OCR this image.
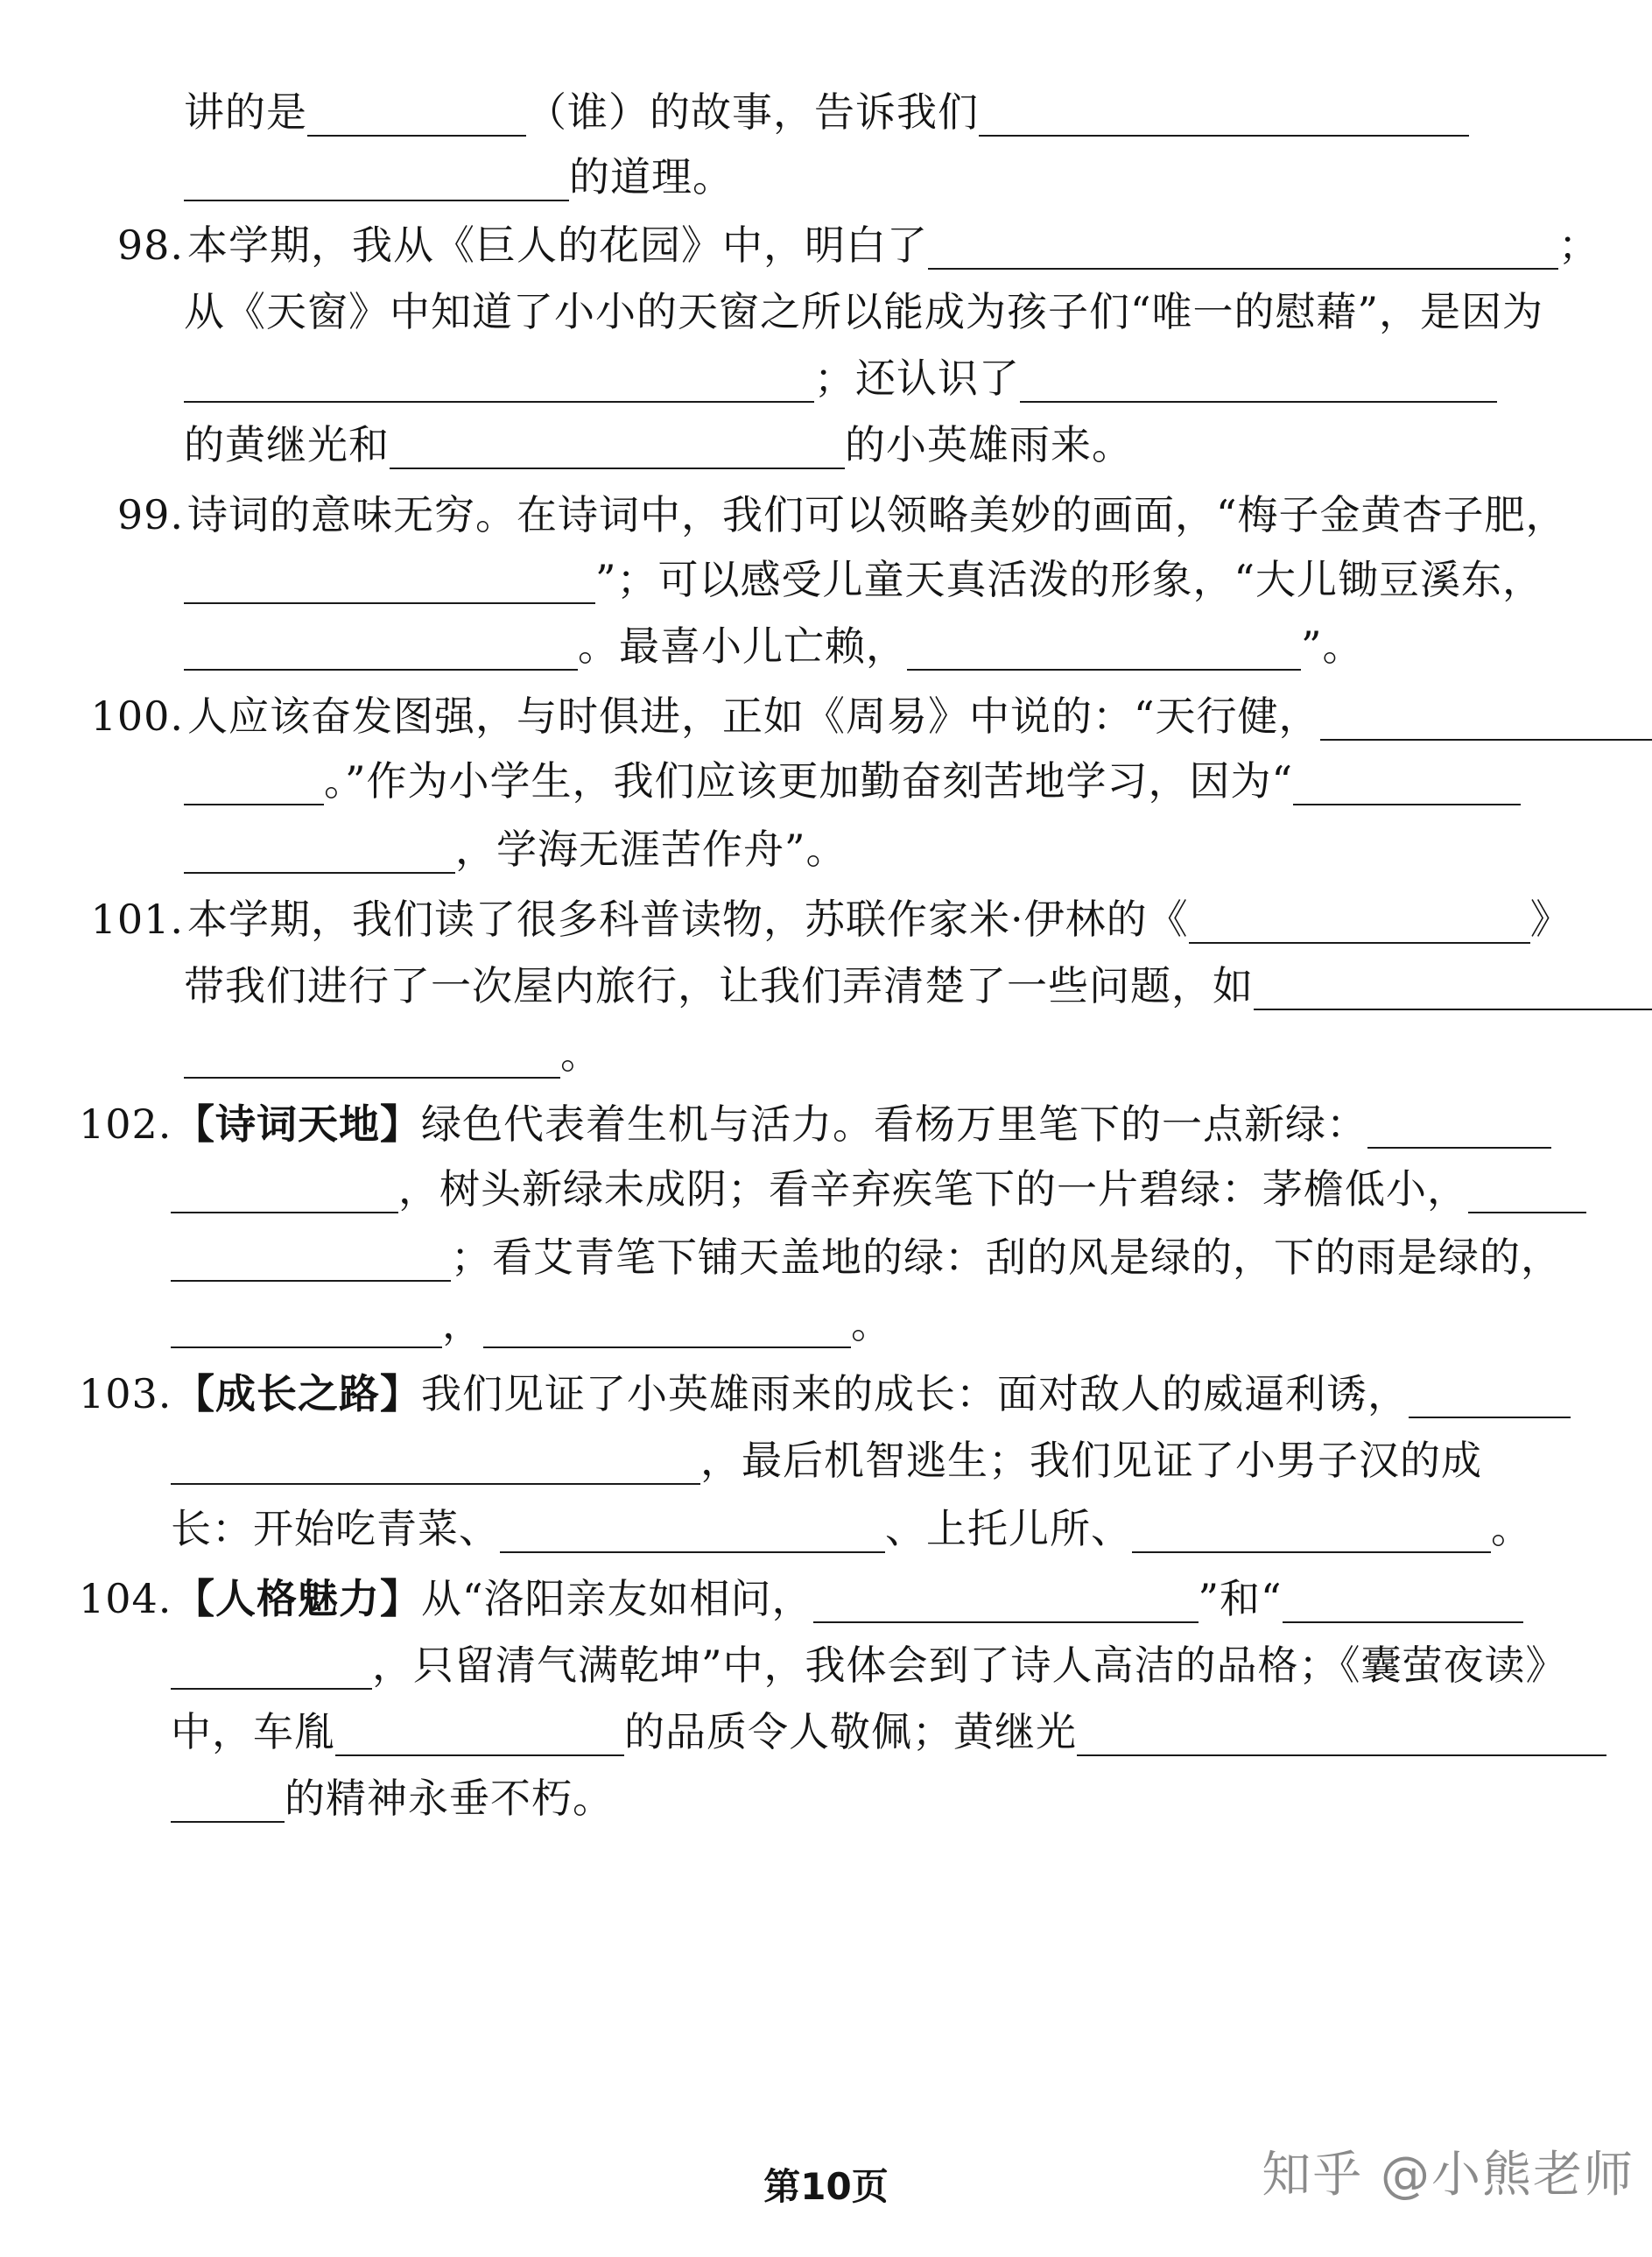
讲的是	（谁）的故事，告诉我们
的道理。
98.本学期，我从《巨人的花园》中，明白了	；
从《天窗》中知道了小小的天窗之所以能成为孩子们“唯一的慰藉”，是因为
；还认识了
的黄继光和	的小英雄雨来。
99.诗词的意味无穷。在诗词中，我们可以领略美妙的画面，“梅子金黄杏子肥，
”；可以感受儿童天真活泼的形象，“大儿锄豆溪东，
。最喜小儿亡赖，	”。
100.人应该奋发图强，与时俱进，正如《周易》中说的：“天行健，
。”作为小学生，我们应该更加勤奋刻苦地学习，因为“
，学海无涯苦作舟”。
101.本学期，我们读了很多科普读物，苏联作家米·伊林的《	》
带我们进行了一次屋内旅行，让我们弄清楚了一些问题，如
。
102.【诗词天地】绿色代表着生机与活力。看杨万里笔下的一点新绿：
，树头新绿未成阴；看辛弃疾笔下的一片碧绿：茅檐低小，
；看艾青笔下铺天盖地的绿：刮的风是绿的，下的雨是绿的，
，	。
103.【成长之路】我们见证了小英雄雨来的成长：面对敌人的威逼利诱，
，最后机智逃生；我们见证了小男子汉的成
长：开始吃青菜、	、上托儿所、	。
104.【人格魅力】从“洛阳亲友如相问，	”和“
，只留清气满乾坤”中，我体会到了诗人高洁的品格；《囊萤夜读》
中，车胤	的品质令人敬佩；黄继光
的精神永垂不朽。
第10页	知乎 @小熊老师
